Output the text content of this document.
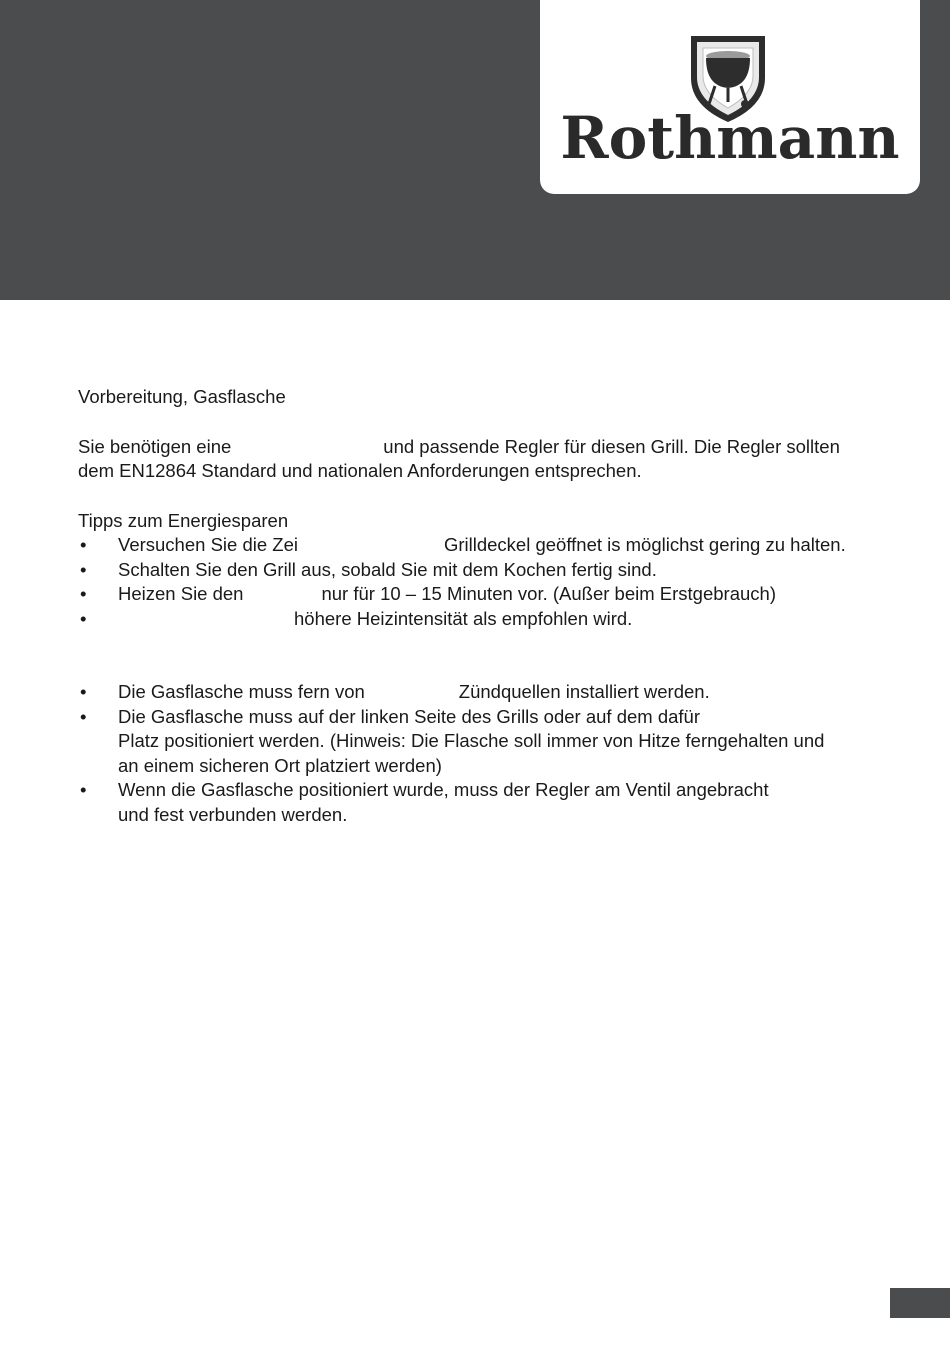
Rothmann
Vorbereitung, Gasflasche

Sie benötigen eine	und passende Regler für diesen Grill. Die Regler sollten

dem EN12864 Standard und nationalen Anforderungen entsprechen.

Tipps zum Energiesparen
• Versuchen Sie die Zei	Grilldeckel geöffnet is möglichst gering zu halten.
• Schalten Sie den Grill aus, sobald Sie mit dem Kochen fertig sind.
• Heizen Sie den	nur für 10 – 15 Minuten vor. (Außer beim Erstgebrauch)
•	höhere Heizintensität als empfohlen wird.
• Die Gasflasche muss fern von	Zündquellen installiert werden.
• Die Gasflasche muss auf der linken Seite des Grills oder auf dem dafür
Platz positioniert werden. (Hinweis: Die Flasche soll immer von Hitze ferngehalten und
an einem sicheren Ort platziert werden)
• Wenn die Gasflasche positioniert wurde, muss der Regler am Ventil angebracht
und fest verbunden werden.
